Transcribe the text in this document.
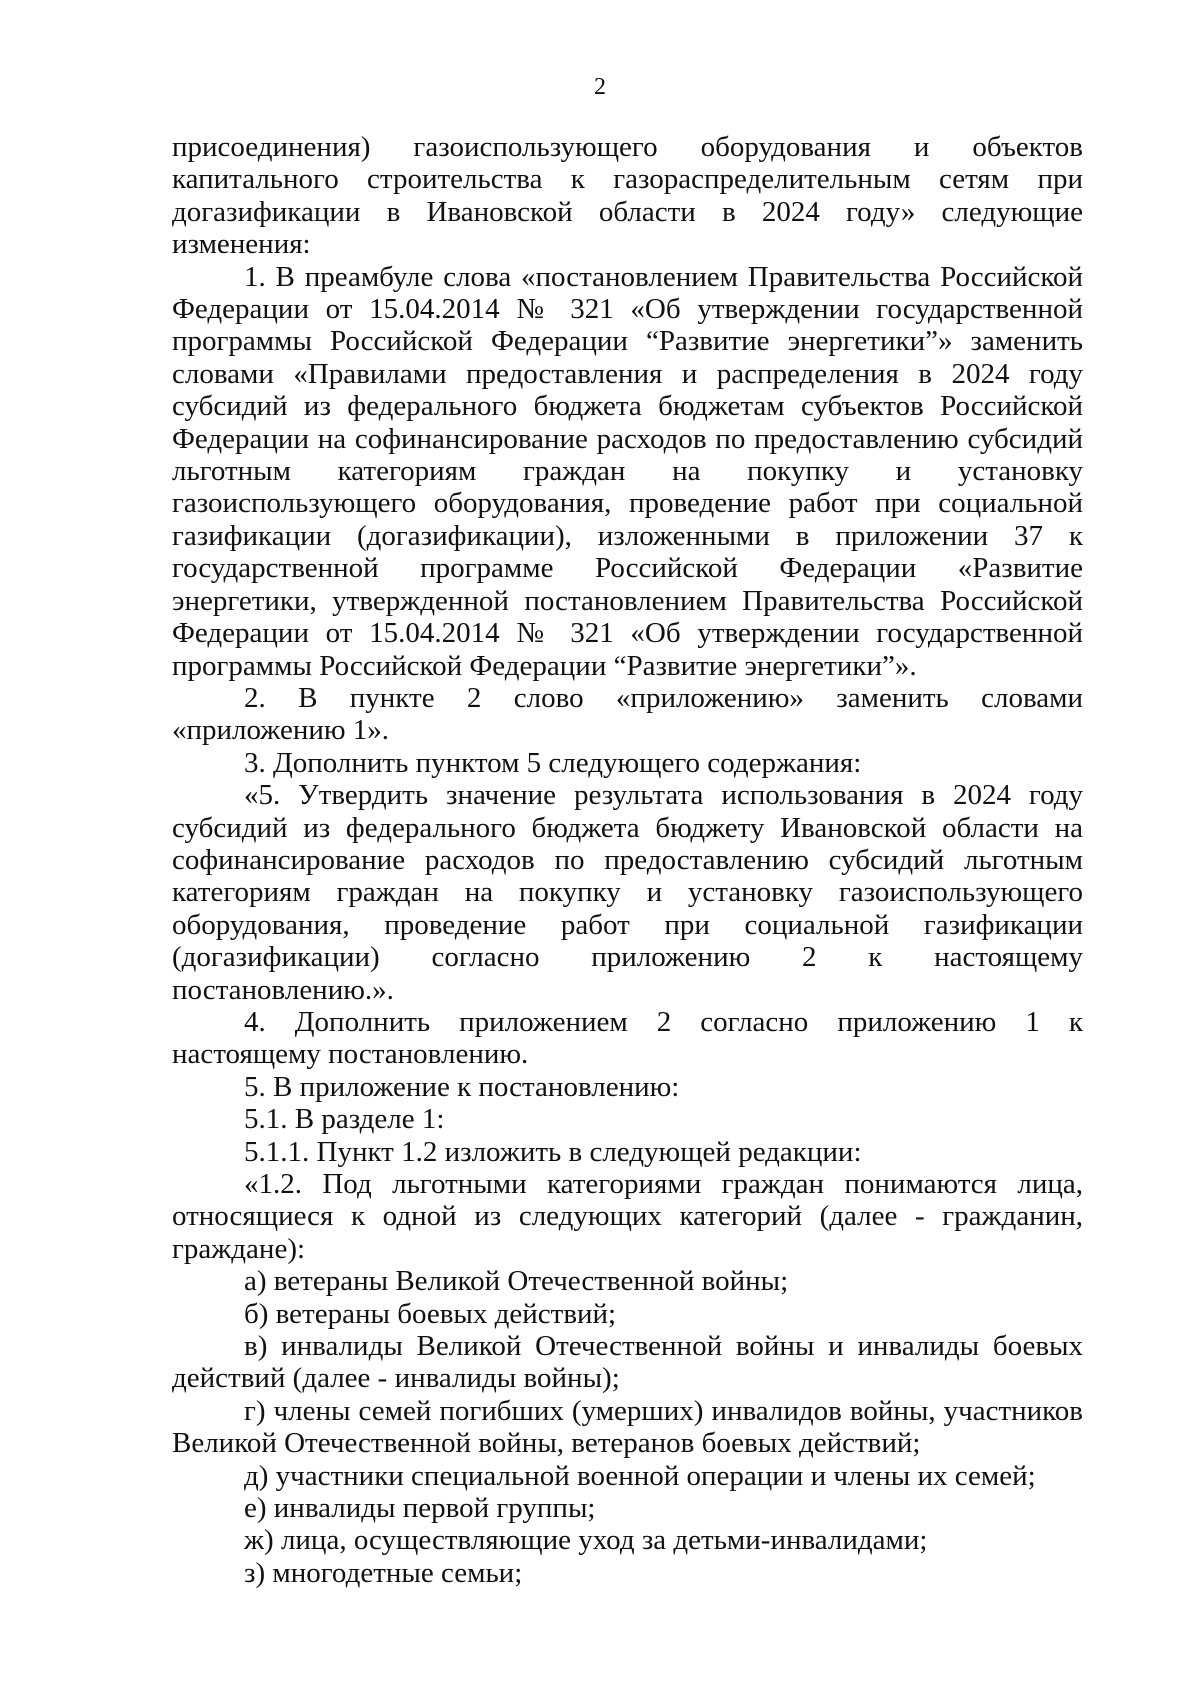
2

присоединения) газоиспользующего оборудования и объектов капитального строительства к газораспределительным сетям при догазификации в Ивановской области в 2024 году» следующие изменения:

1. В преамбуле слова «постановлением Правительства Российской Федерации от 15.04.2014 № 321 «Об утверждении государственной программы Российской Федерации “Развитие энергетики”» заменить словами «Правилами предоставления и распределения в 2024 году субсидий из федерального бюджета бюджетам субъектов Российской Федерации на софинансирование расходов по предоставлению субсидий льготным категориям граждан на покупку и установку газоиспользующего оборудования, проведение работ при социальной газификации (догазификации), изложенными в приложении 37 к государственной программе Российской Федерации «Развитие энергетики, утвержденной постановлением Правительства Российской Федерации от 15.04.2014 № 321 «Об утверждении государственной программы Российской Федерации “Развитие энергетики”».

2. В пункте 2 слово «приложению» заменить словами «приложению 1».

3. Дополнить пунктом 5 следующего содержания:

«5. Утвердить значение результата использования в 2024 году субсидий из федерального бюджета бюджету Ивановской области на софинансирование расходов по предоставлению субсидий льготным категориям граждан на покупку и установку газоиспользующего оборудования, проведение работ при социальной газификации (догазификации) согласно приложению 2 к настоящему постановлению.».

4. Дополнить приложением 2 согласно приложению 1 к настоящему постановлению.

5. В приложение к постановлению:

5.1. В разделе 1:

5.1.1. Пункт 1.2 изложить в следующей редакции:

«1.2. Под льготными категориями граждан понимаются лица, относящиеся к одной из следующих категорий (далее - гражданин, граждане):

а) ветераны Великой Отечественной войны;

б) ветераны боевых действий;

в) инвалиды Великой Отечественной войны и инвалиды боевых действий (далее - инвалиды войны);

г) члены семей погибших (умерших) инвалидов войны, участников Великой Отечественной войны, ветеранов боевых действий;

д) участники специальной военной операции и члены их семей;

е) инвалиды первой группы;

ж) лица, осуществляющие уход за детьми-инвалидами;

з) многодетные семьи;
